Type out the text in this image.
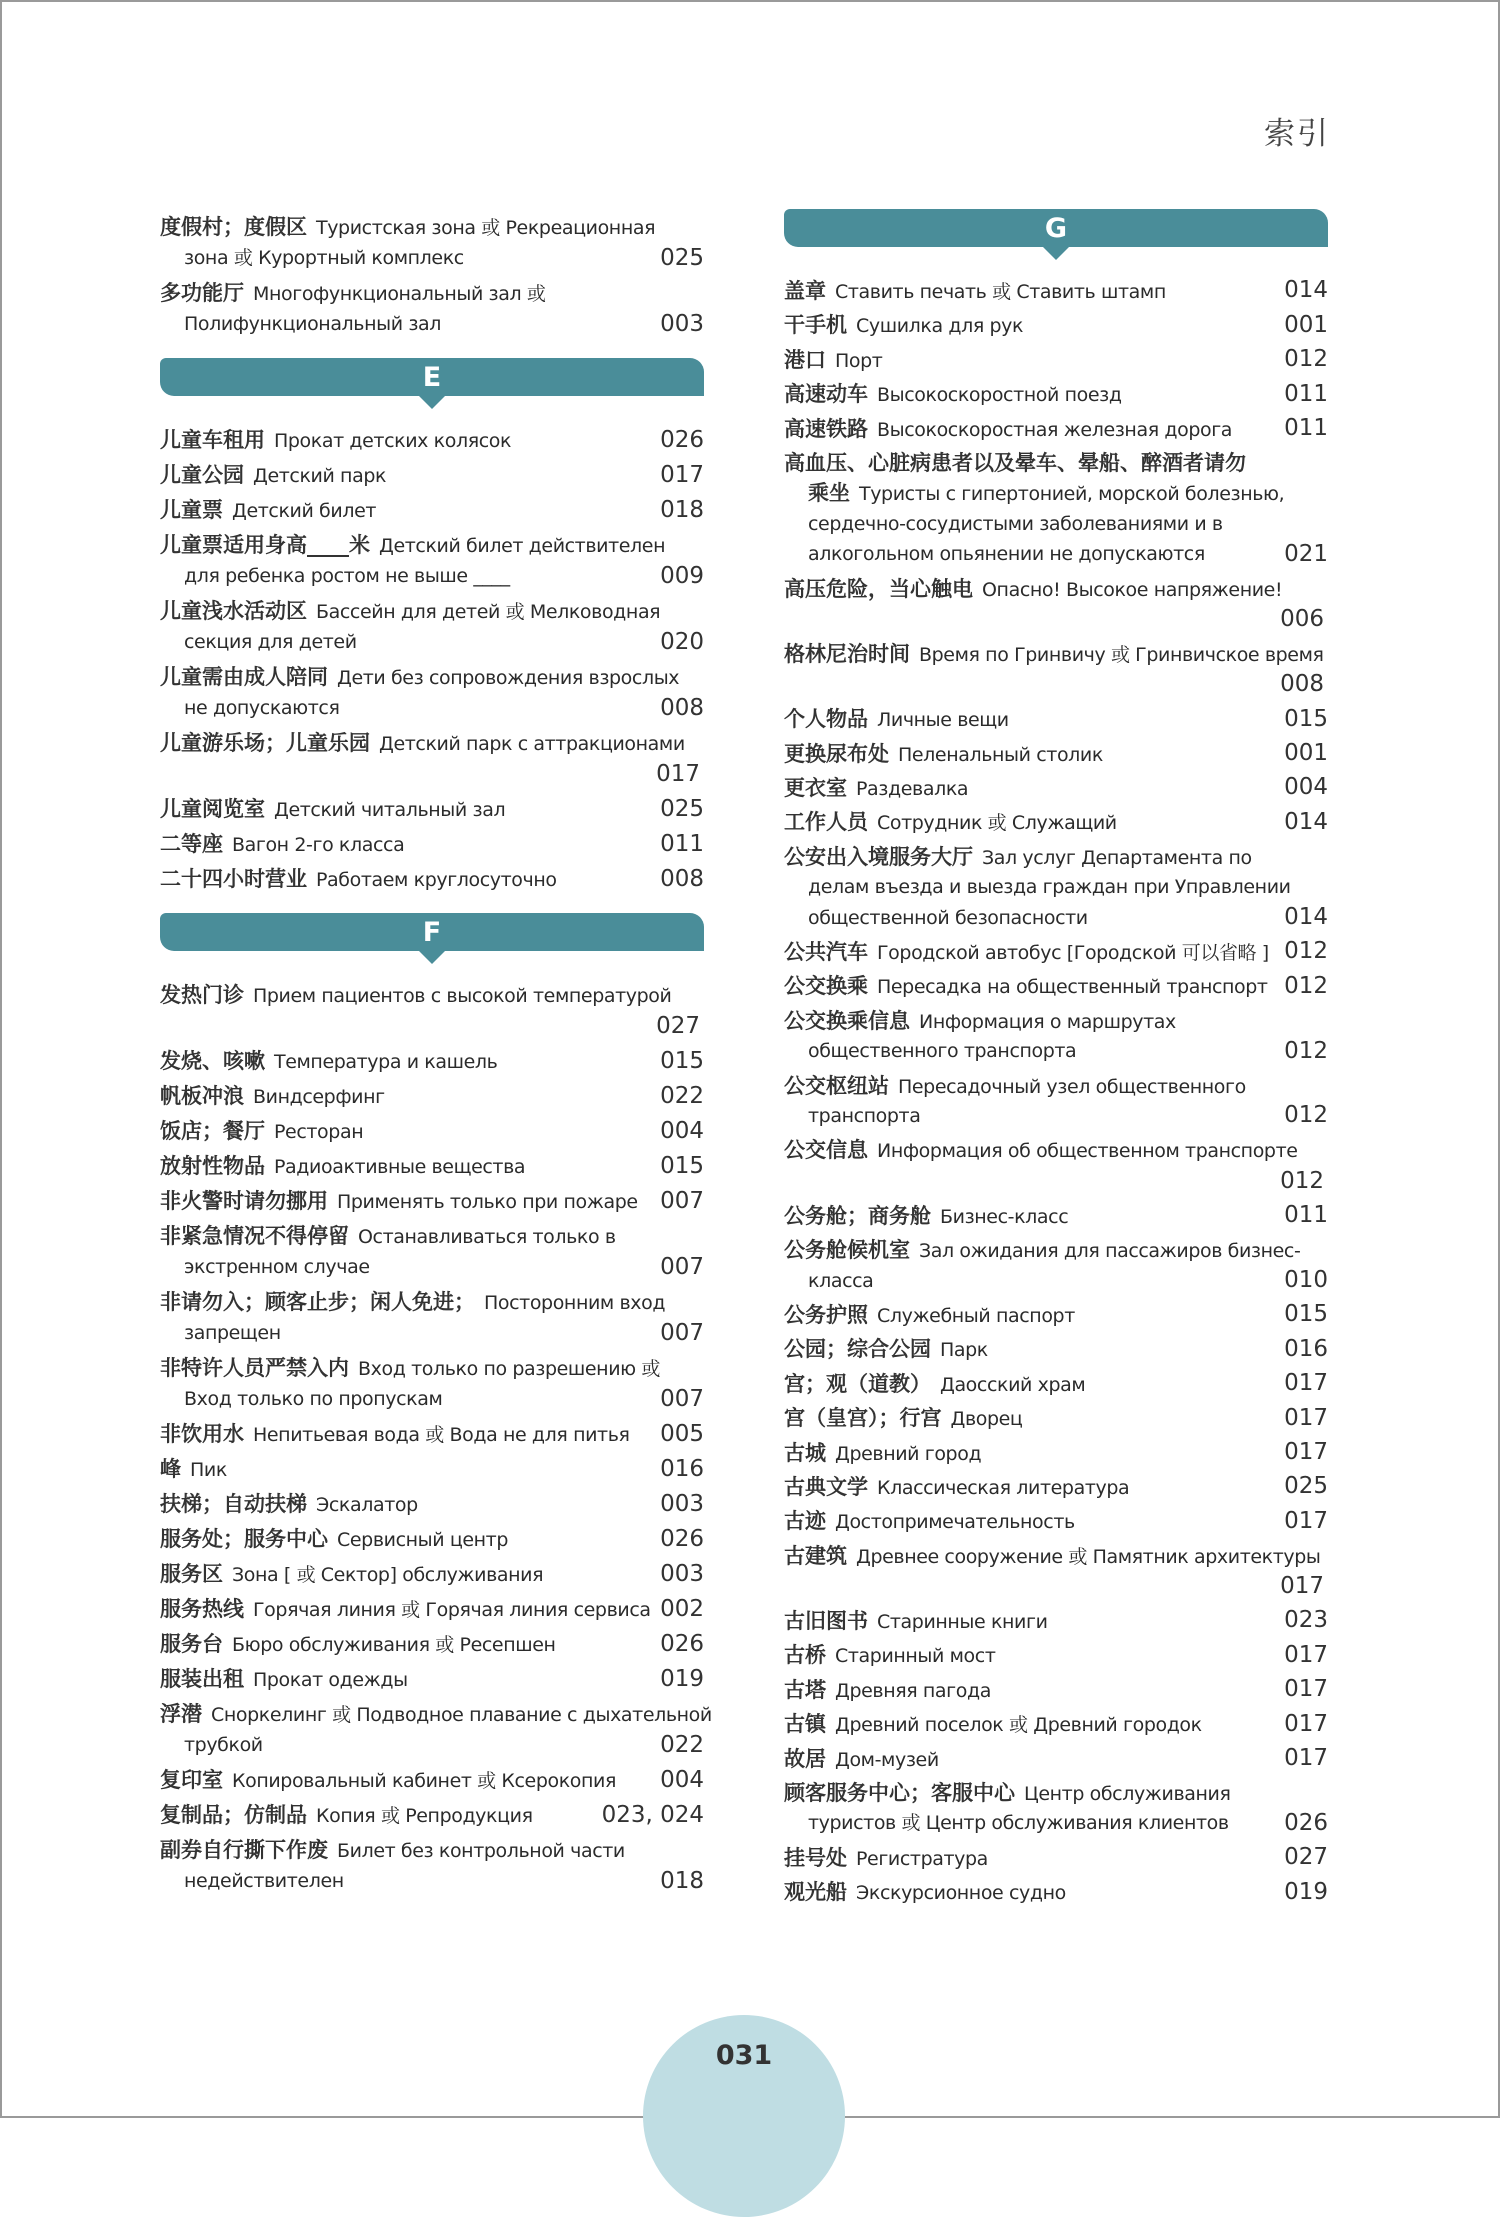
索引
度假村；度假区 Туристская зона 或 Рекреационная
зона 或 Курортный комплекс	025
多功能厅 Многофункциональный зал 或
Полифункциональный зал	003
E
儿童车租用 Прокат детских колясок	026
儿童公园 Детский парк	017
儿童票 Детский билет	018
儿童票适用身高____米 Детский билет действителен
для ребенка ростом не выше ____	009
儿童浅水活动区 Бассейн для детей 或 Мелководная
секция для детей	020
儿童需由成人陪同 Дети без сопровождения взрослых
не допускаются	008
儿童游乐场；儿童乐园 Детский парк с аттракционами
017
儿童阅览室 Детский читальный зал	025
二等座 Вагон 2-го класса	011
二十四小时营业 Работаем круглосуточно	008
F
发热门诊 Прием пациентов с высокой температурой
027
发烧、咳嗽 Температура и кашель	015
帆板冲浪 Виндсерфинг	022
饭店；餐厅 Ресторан	004
放射性物品 Радиоактивные вещества	015
非火警时请勿挪用 Применять только при пожаре 007
非紧急情况不得停留 Останавливаться только в
экстренном случае	007
非请勿入；顾客止步；闲人免进； Посторонним вход
запрещен	007
非特许人员严禁入内 Вход только по разрешению 或
Вход только по пропускам	007
非饮用水 Непитьевая вода 或 Вода не для питья	005
峰 Пик	016
扶梯；自动扶梯 Эскалатор	003
服务处；服务中心 Сервисный центр	026
服务区 Зона [ 或 Сектор] обслуживания	003
服务热线 Горячая линия 或 Горячая линия сервиса 002
服务台 Бюро обслуживания 或 Ресепшен	026
服装出租 Прокат одежды	019
浮潜 Сноркелинг 或 Подводное плавание с дыхательной
трубкой	022
复印室 Копировальный кабинет 或 Ксерокопия	004
复制品；仿制品 Копия 或 Репродукция	023, 024
副券自行撕下作废 Билет без контрольной части
недействителен	018
G
盖章 Ставить печать 或 Ставить штамп	014
干手机 Сушилка для рук	001
港口 Порт	012
高速动车 Высокоскоростной поезд	011
高速铁路 Высокоскоростная железная дорога	011
高血压、心脏病患者以及晕车、晕船、醉酒者请勿
乘坐 Туристы с гипертонией, морской болезнью,
сердечно-сосудистыми заболеваниями и в
алкогольном опьянении не допускаются	021
高压危险，当心触电 Опасно! Высокое напряжение!
006
格林尼治时间 Время по Гринвичу 或 Гринвичское время
008
个人物品 Личные вещи	015
更换尿布处 Пеленальный столик	001
更衣室 Раздевалка	004
工作人员 Сотрудник 或 Служащий	014
公安出入境服务大厅 Зал услуг Департамента по
делам въезда и выезда граждан при Управлении
общественной безопасности	014
公共汽车 Городской автобус [Городской 可以省略 ] 012
公交换乘 Пересадка на общественный транспорт 012
公交换乘信息 Информация о маршрутах
общественного транспорта	012
公交枢纽站 Пересадочный узел общественного
транспорта	012
公交信息 Информация об общественном транспорте
012
公务舱；商务舱 Бизнес-класс	011
公务舱候机室 Зал ожидания для пассажиров бизнес-
класса	010
公务护照 Служебный паспорт	015
公园；综合公园 Парк	016
宫；观（道教） Даосский храм	017
宫（皇宫）；行宫 Дворец	017
古城 Древний город	017
古典文学 Классическая литература	025
古迹 Достопримечательность	017
古建筑 Древнее сооружение 或 Памятник архитектуры
017
古旧图书 Старинные книги	023
古桥 Старинный мост	017
古塔 Древняя пагода	017
古镇 Древний поселок 或 Древний городок	017
故居 Дом-музей	017
顾客服务中心；客服中心 Центр обслуживания
туристов 或 Центр обслуживания клиентов	026
挂号处 Регистратура	027
观光船 Экскурсионное судно	019
031
